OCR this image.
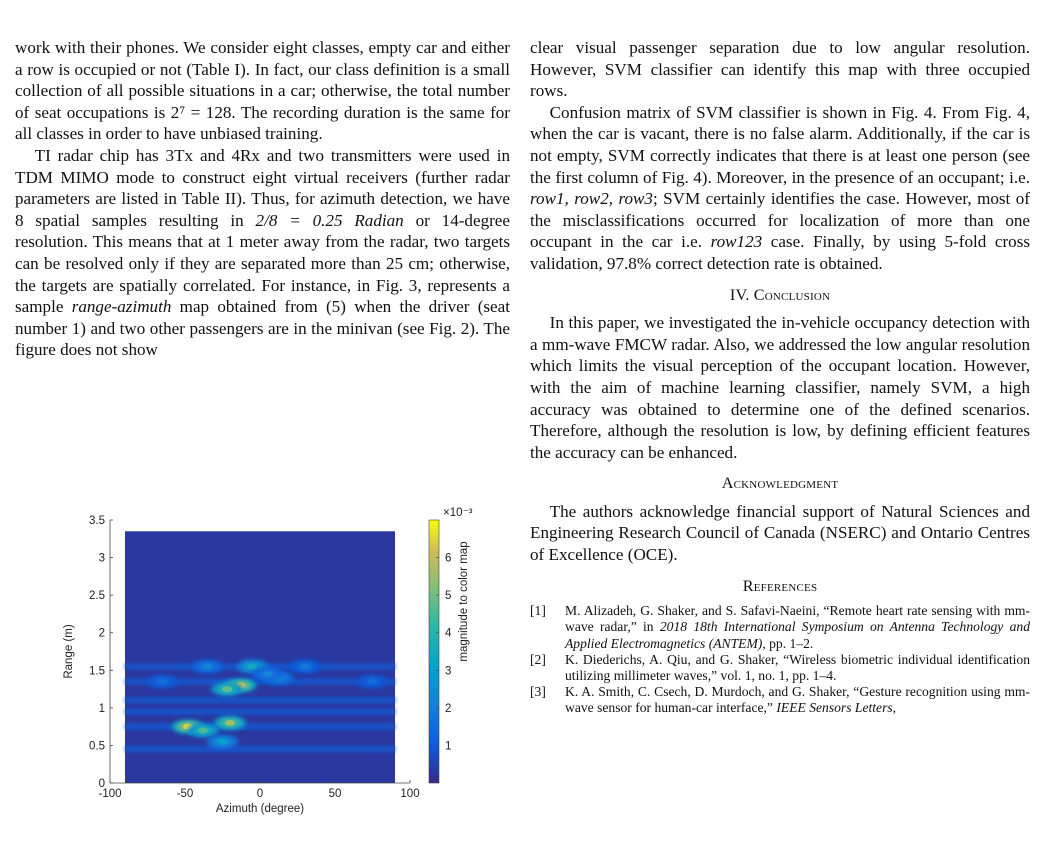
work with their phones. We consider eight classes, empty car and either a row is occupied or not (Table I). In fact, our class definition is a small collection of all possible situations in a car; otherwise, the total number of seat occupations is 2⁷ = 128. The recording duration is the same for all classes in order to have unbiased training.

TI radar chip has 3Tx and 4Rx and two transmitters were used in TDM MIMO mode to construct eight virtual receivers (further radar parameters are listed in Table II). Thus, for azimuth detection, we have 8 spatial samples resulting in 2/8 = 0.25 Radian or 14-degree resolution. This means that at 1 meter away from the radar, two targets can be resolved only if they are separated more than 25 cm; otherwise, the targets are spatially correlated. For instance, in Fig. 3, represents a sample range-azimuth map obtained from (5) when the driver (seat number 1) and two other passengers are in the minivan (see Fig. 2). The figure does not show

-100	-50	0	50	100
0
0.5
1
1.5
2
2.5
3
3.5
Azimuth (degree)
Range (m)
1
2
3
4
5
6
×10⁻³
magnitude to color map

clear visual passenger separation due to low angular resolution. However, SVM classifier can identify this map with three occupied rows.

Confusion matrix of SVM classifier is shown in Fig. 4. From Fig. 4, when the car is vacant, there is no false alarm. Additionally, if the car is not empty, SVM correctly indicates that there is at least one person (see the first column of Fig. 4). Moreover, in the presence of an occupant; i.e. row1, row2, row3; SVM certainly identifies the case. However, most of the misclassifications occurred for localization of more than one occupant in the car i.e. row123 case. Finally, by using 5-fold cross validation, 97.8% correct detection rate is obtained.

IV. Conclusion

In this paper, we investigated the in-vehicle occupancy detection with a mm-wave FMCW radar. Also, we addressed the low angular resolution which limits the visual perception of the occupant location. However, with the aim of machine learning classifier, namely SVM, a high accuracy was obtained to determine one of the defined scenarios. Therefore, although the resolution is low, by defining efficient features the accuracy can be enhanced.

Acknowledgment

The authors acknowledge financial support of Natural Sciences and Engineering Research Council of Canada (NSERC) and Ontario Centres of Excellence (OCE).

References
[1] M. Alizadeh, G. Shaker, and S. Safavi-Naeini, “Remote heart rate sensing with mm-wave radar,” in 2018 18th International Symposium on Antenna Technology and Applied Electromagnetics (ANTEM), pp. 1–2.
[2] K. Diederichs, A. Qiu, and G. Shaker, “Wireless biometric individual identification utilizing millimeter waves,” vol. 1, no. 1, pp. 1–4.
[3] K. A. Smith, C. Csech, D. Murdoch, and G. Shaker, “Gesture recognition using mm-wave sensor for human-car interface,” IEEE Sensors Letters,
